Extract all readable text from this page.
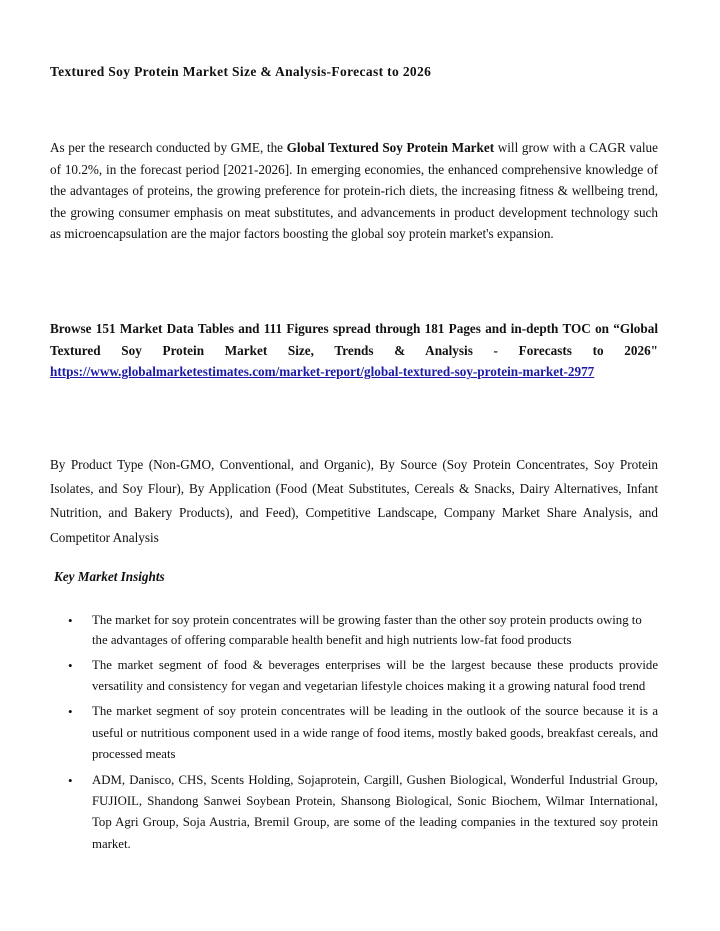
Textured Soy Protein Market Size & Analysis-Forecast to 2026

As per the research conducted by GME, the Global Textured Soy Protein Market will grow with a CAGR value of 10.2%, in the forecast period [2021-2026]. In emerging economies, the enhanced comprehensive knowledge of the advantages of proteins, the growing preference for protein-rich diets, the increasing fitness & wellbeing trend, the growing consumer emphasis on meat substitutes, and advancements in product development technology such as microencapsulation are the major factors boosting the global soy protein market's expansion.

Browse 151 Market Data Tables and 111 Figures spread through 181 Pages and in-depth TOC on “Global Textured Soy Protein Market Size, Trends & Analysis - Forecasts to 2026" https://www.globalmarketestimates.com/market-report/global-textured-soy-protein-market-2977

By Product Type (Non-GMO, Conventional, and Organic), By Source (Soy Protein Concentrates, Soy Protein Isolates, and Soy Flour), By Application (Food (Meat Substitutes, Cereals & Snacks, Dairy Alternatives, Infant Nutrition, and Bakery Products), and Feed), Competitive Landscape, Company Market Share Analysis, and Competitor Analysis

Key Market Insights

• The market for soy protein concentrates will be growing faster than the other soy protein products owing to the advantages of offering comparable health benefit and high nutrients low-fat food products
• The market segment of food & beverages enterprises will be the largest because these products provide versatility and consistency for vegan and vegetarian lifestyle choices making it a growing natural food trend
• The market segment of soy protein concentrates will be leading in the outlook of the source because it is a useful or nutritious component used in a wide range of food items, mostly baked goods, breakfast cereals, and processed meats
• ADM, Danisco, CHS, Scents Holding, Sojaprotein, Cargill, Gushen Biological, Wonderful Industrial Group, FUJIOIL, Shandong Sanwei Soybean Protein, Shansong Biological, Sonic Biochem, Wilmar International, Top Agri Group, Soja Austria, Bremil Group, are some of the leading companies in the textured soy protein market.
